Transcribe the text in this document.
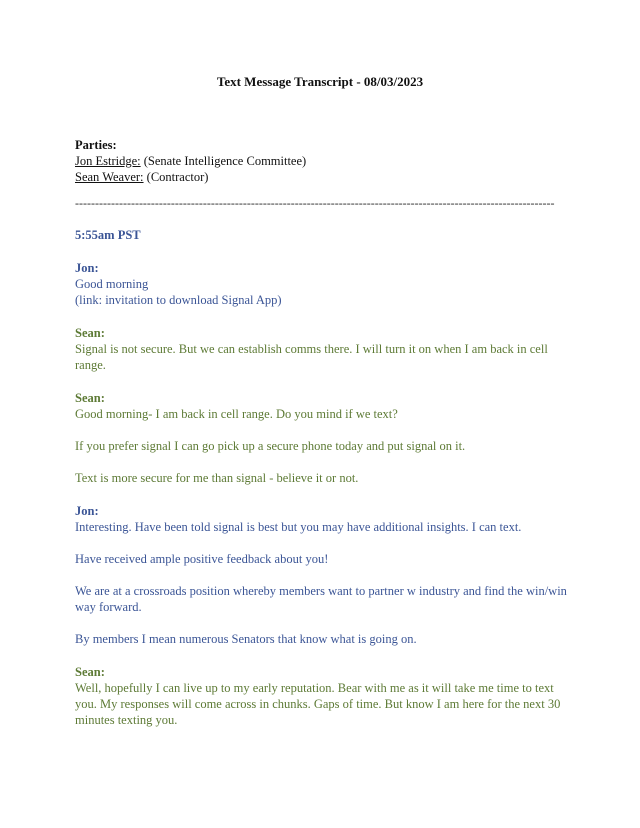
Text Message Transcript - 08/03/2023
Parties:
Jon Estridge: (Senate Intelligence Committee)
Sean Weaver: (Contractor)
------------------------------------------------------------------------------------------------------------------------
5:55am PST
Jon:
Good morning
(link: invitation to download Signal App)
Sean:
Signal is not secure. But we can establish comms there. I will turn it on when I am back in cell range.
Sean:
Good morning- I am back in cell range. Do you mind if we text?
If you prefer signal I can go pick up a secure phone today and put signal on it.
Text is more secure for me than signal - believe it or not.
Jon:
Interesting. Have been told signal is best but you may have additional insights. I can text.
Have received ample positive feedback about you!
We are at a crossroads position whereby members want to partner w industry and find the win/win way forward.
By members I mean numerous Senators that know what is going on.
Sean:
Well, hopefully I can live up to my early reputation. Bear with me as it will take me time to text you. My responses will come across in chunks. Gaps of time. But know I am here for the next 30 minutes texting you.
